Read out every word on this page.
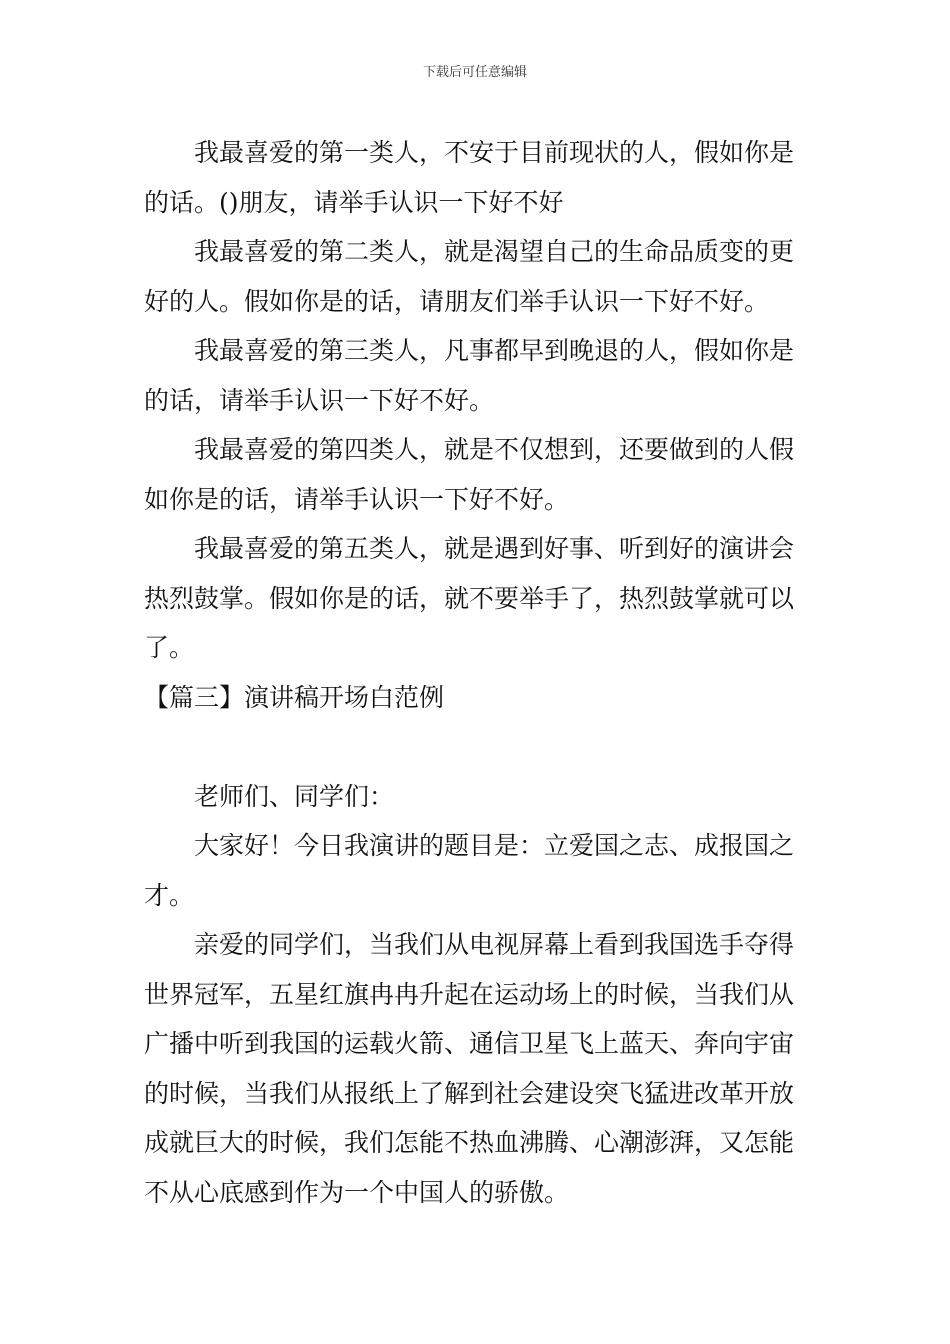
下载后可任意编辑

我最喜爱的第一类人，不安于目前现状的人，假如你是的话。()朋友，请举手认识一下好不好

我最喜爱的第二类人，就是渴望自己的生命品质变的更好的人。假如你是的话，请朋友们举手认识一下好不好。

我最喜爱的第三类人，凡事都早到晚退的人，假如你是的话，请举手认识一下好不好。

我最喜爱的第四类人，就是不仅想到，还要做到的人假如你是的话，请举手认识一下好不好。

我最喜爱的第五类人，就是遇到好事、听到好的演讲会热烈鼓掌。假如你是的话，就不要举手了，热烈鼓掌就可以了。

【篇三】演讲稿开场白范例

老师们、同学们：

大家好！今日我演讲的题目是：立爱国之志、成报国之才。

亲爱的同学们，当我们从电视屏幕上看到我国选手夺得世界冠军，五星红旗冉冉升起在运动场上的时候，当我们从广播中听到我国的运载火箭、通信卫星飞上蓝天、奔向宇宙的时候，当我们从报纸上了解到社会建设突飞猛进改革开放成就巨大的时候，我们怎能不热血沸腾、心潮澎湃，又怎能不从心底感到作为一个中国人的骄傲。
